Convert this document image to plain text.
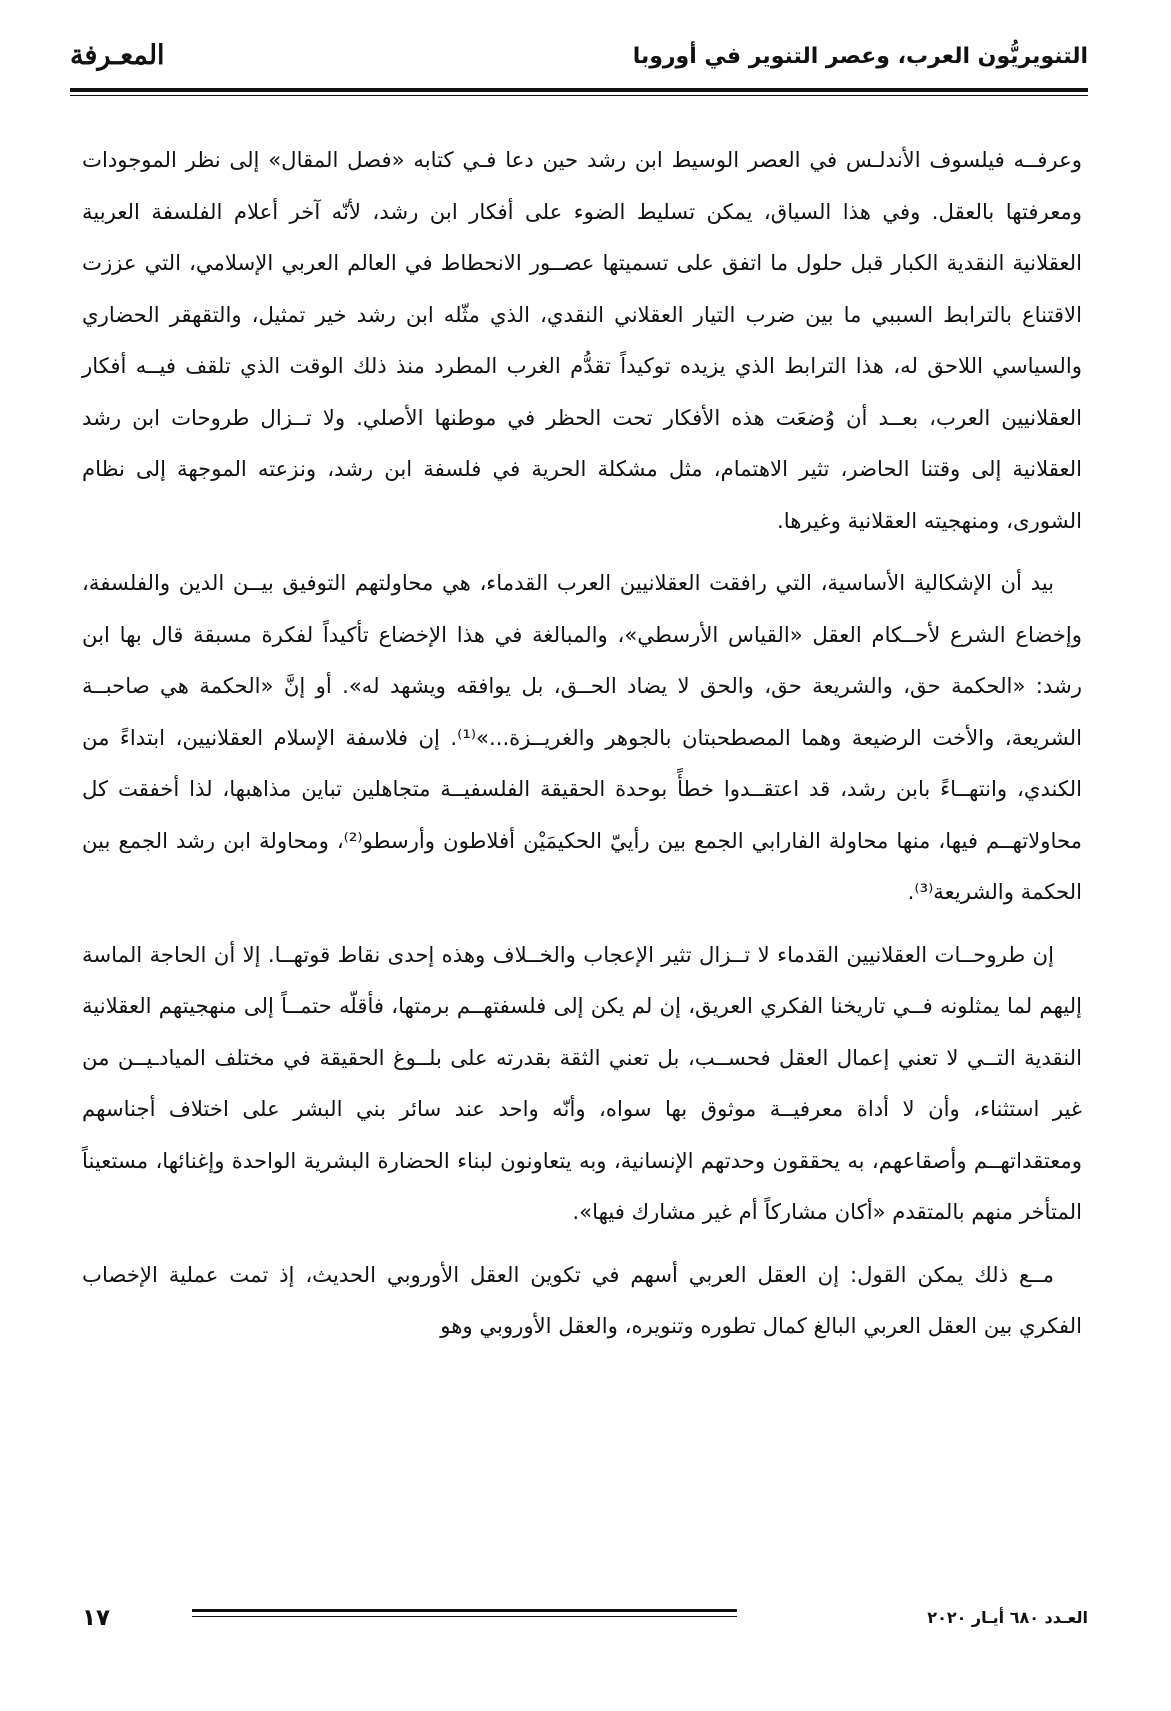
التنويريُّون العرب، وعصر التنوير في أوروبا
المعـرفة

وعرفــه فيلسوف الأندلـس في العصر الوسيط ابن رشد حين دعا فـي كتابه «فصل المقال» إلى نظر الموجودات ومعرفتها بالعقل. وفي هذا السياق، يمكن تسليط الضوء على أفكار ابن رشد، لأنّه آخر أعلام الفلسفة العربية العقلانية النقدية الكبار قبل حلول ما اتفق على تسميتها عصــور الانحطاط في العالم العربي الإسلامي، التي عززت الاقتناع بالترابط السببي ما بين ضرب التيار العقلاني النقدي، الذي مثّله ابن رشد خير تمثيل، والتقهقر الحضاري والسياسي اللاحق له، هذا الترابط الذي يزيده توكيداً تقدُّم الغرب المطرد منذ ذلك الوقت الذي تلقف فيــه أفكار العقلانيين العرب، بعــد أن وُضعَت هذه الأفكار تحت الحظر في موطنها الأصلي. ولا تــزال طروحات ابن رشد العقلانية إلى وقتنا الحاضر، تثير الاهتمام، مثل مشكلة الحرية في فلسفة ابن رشد، ونزعته الموجهة إلى نظام الشورى، ومنهجيته العقلانية وغيرها.

بيد أن الإشكالية الأساسية، التي رافقت العقلانيين العرب القدماء، هي محاولتهم التوفيق بيــن الدين والفلسفة، وإخضاع الشرع لأحــكام العقل «القياس الأرسطي»، والمبالغة في هذا الإخضاع تأكيداً لفكرة مسبقة قال بها ابن رشد: «الحكمة حق، والشريعة حق، والحق لا يضاد الحــق، بل يوافقه ويشهد له». أو إنَّ «الحكمة هي صاحبــة الشريعة، والأخت الرضيعة وهما المصطحبتان بالجوهر والغريــزة...»⁽¹⁾. إن فلاسفة الإسلام العقلانيين، ابتداءً من الكندي، وانتهــاءً بابن رشد، قد اعتقــدوا خطأً بوحدة الحقيقة الفلسفيــة متجاهلين تباين مذاهبها، لذا أخفقت كل محاولاتهــم فيها، منها محاولة الفارابي الجمع بين رأييّ الحكيمَيْن أفلاطون وأرسطو⁽²⁾، ومحاولة ابن رشد الجمع بين الحكمة والشريعة⁽³⁾.

إن طروحــات العقلانيين القدماء لا تــزال تثير الإعجاب والخــلاف وهذه إحدى نقاط قوتهــا. إلا أن الحاجة الماسة إليهم لما يمثلونه فــي تاريخنا الفكري العريق، إن لم يكن إلى فلسفتهــم برمتها، فأقلّه حتمــاً إلى منهجيتهم العقلانية النقدية التــي لا تعني إعمال العقل فحســب، بل تعني الثقة بقدرته على بلــوغ الحقيقة في مختلف الميادـيــن من غير استثناء، وأن لا أداة معرفيــة موثوق بها سواه، وأنّه واحد عند سائر بني البشر على اختلاف أجناسهم ومعتقداتهــم وأصقاعهم، به يحققون وحدتهم الإنسانية، وبه يتعاونون لبناء الحضارة البشرية الواحدة وإغنائها، مستعيناً المتأخر منهم بالمتقدم «أكان مشاركاً أم غير مشارك فيها».

مــع ذلك يمكن القول: إن العقل العربي أسهم في تكوين العقل الأوروبي الحديث، إذ تمت عملية الإخصاب الفكري بين العقل العربي البالغ كمال تطوره وتنويره، والعقل الأوروبي وهو

١٧	العـدد ٦٨٠ أيـار ٢٠٢٠
